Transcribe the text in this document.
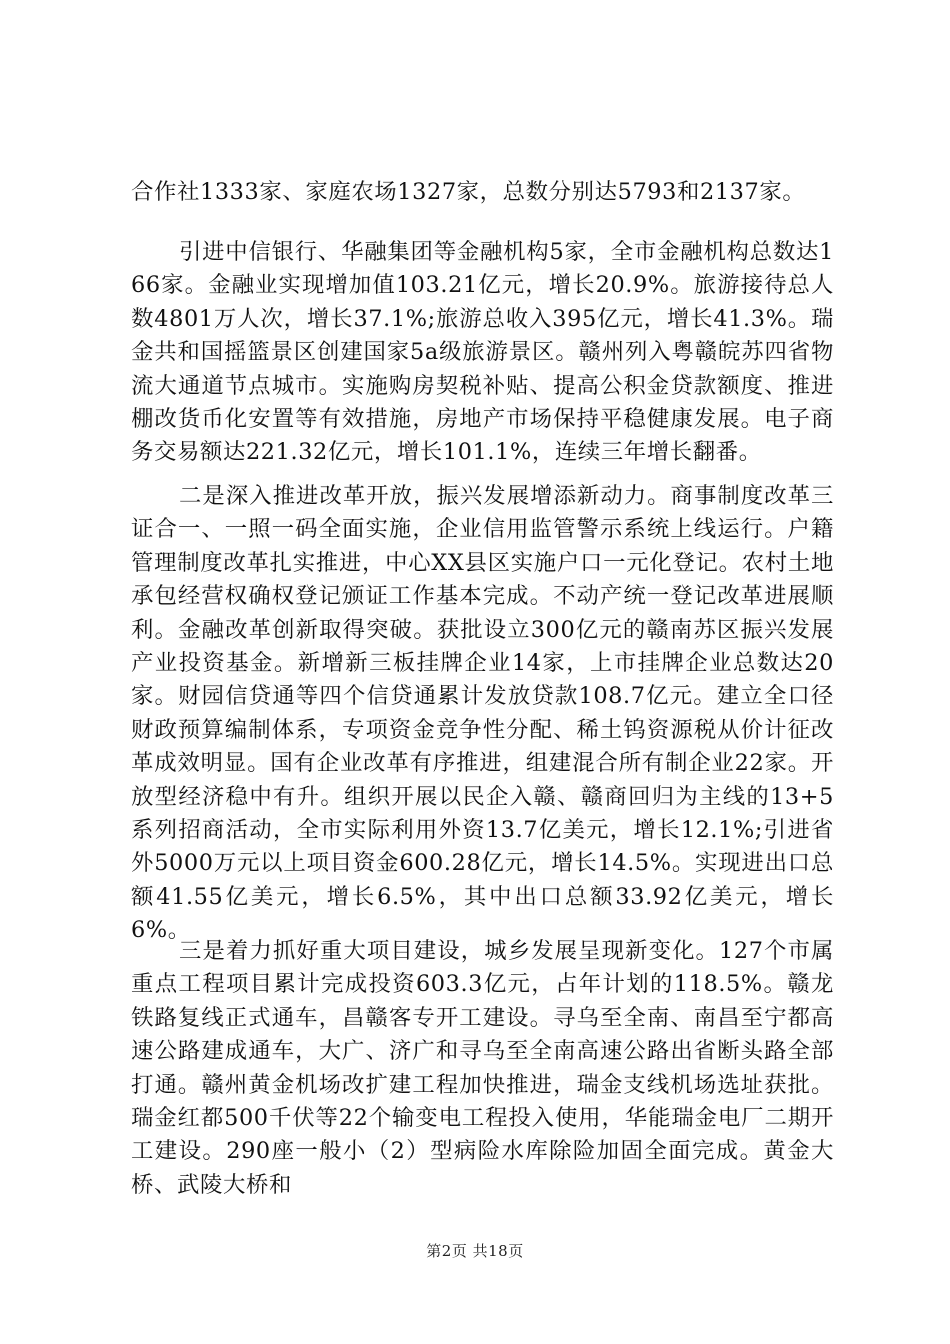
合作社1333家、家庭农场1327家，总数分别达5793和2137家。

引进中信银行、华融集团等金融机构5家，全市金融机构总数达166家。金融业实现增加值103.21亿元，增长20.9%。旅游接待总人数4801万人次，增长37.1%;旅游总收入395亿元，增长41.3%。瑞金共和国摇篮景区创建国家5a级旅游景区。赣州列入粤赣皖苏四省物流大通道节点城市。实施购房契税补贴、提高公积金贷款额度、推进棚改货币化安置等有效措施，房地产市场保持平稳健康发展。电子商务交易额达221.32亿元，增长101.1%，连续三年增长翻番。

二是深入推进改革开放，振兴发展增添新动力。商事制度改革三证合一、一照一码全面实施，企业信用监管警示系统上线运行。户籍管理制度改革扎实推进，中心XX县区实施户口一元化登记。农村土地承包经营权确权登记颁证工作基本完成。不动产统一登记改革进展顺利。金融改革创新取得突破。获批设立300亿元的赣南苏区振兴发展产业投资基金。新增新三板挂牌企业14家，上市挂牌企业总数达20家。财园信贷通等四个信贷通累计发放贷款108.7亿元。建立全口径财政预算编制体系，专项资金竞争性分配、稀土钨资源税从价计征改革成效明显。国有企业改革有序推进，组建混合所有制企业22家。开放型经济稳中有升。组织开展以民企入赣、赣商回归为主线的13+5系列招商活动，全市实际利用外资13.7亿美元，增长12.1%;引进省外5000万元以上项目资金600.28亿元，增长14.5%。实现进出口总额41.55亿美元，增长6.5%，其中出口总额33.92亿美元，增长6%。

三是着力抓好重大项目建设，城乡发展呈现新变化。127个市属重点工程项目累计完成投资603.3亿元，占年计划的118.5%。赣龙铁路复线正式通车，昌赣客专开工建设。寻乌至全南、南昌至宁都高速公路建成通车，大广、济广和寻乌至全南高速公路出省断头路全部打通。赣州黄金机场改扩建工程加快推进，瑞金支线机场选址获批。瑞金红都500千伏等22个输变电工程投入使用，华能瑞金电厂二期开工建设。290座一般小（2）型病险水库除险加固全面完成。黄金大桥、武陵大桥和

第2页 共18页
